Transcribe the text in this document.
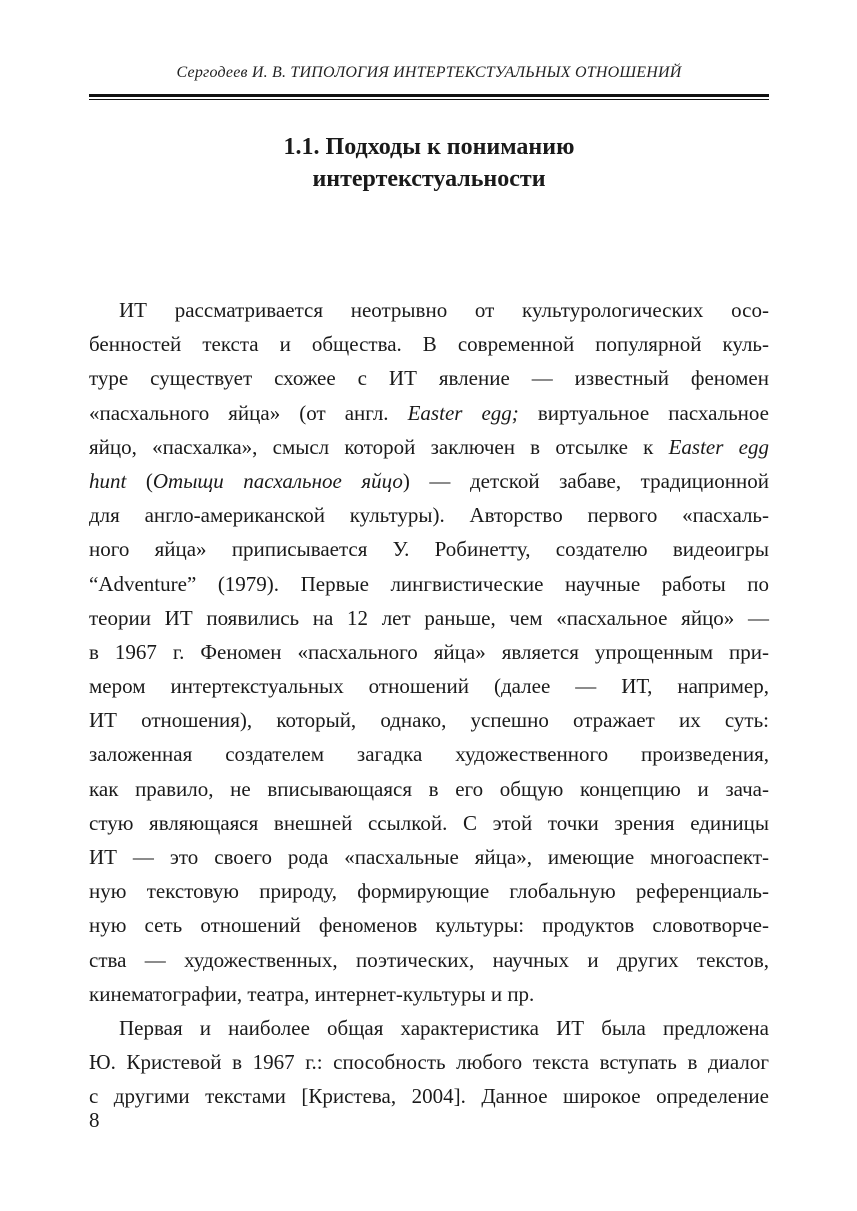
Сергодеев И. В. ТИПОЛОГИЯ ИНТЕРТЕКСТУАЛЬНЫХ ОТНОШЕНИЙ
1.1. Подходы к пониманию
интертекстуальности
ИТ рассматривается неотрывно от культурологических осо-
бенностей текста и общества. В современной популярной куль-
туре существует схожее с ИТ явление — известный феномен
«пасхального яйца» (от англ. Easter egg; виртуальное пасхальное
яйцо, «пасхалка», смысл которой заключен в отсылке к Easter egg
hunt (Отыщи пасхальное яйцо) — детской забаве, традиционной
для англо-американской культуры). Авторство первого «пасхаль-
ного яйца» приписывается У. Робинетту, создателю видеоигры
“Adventure” (1979). Первые лингвистические научные работы по
теории ИТ появились на 12 лет раньше, чем «пасхальное яйцо» —
в 1967 г. Феномен «пасхального яйца» является упрощенным при-
мером интертекстуальных отношений (далее — ИТ, например,
ИТ отношения), который, однако, успешно отражает их суть:
заложенная создателем загадка художественного произведения,
как правило, не вписывающаяся в его общую концепцию и зача-
стую являющаяся внешней ссылкой. С этой точки зрения единицы
ИТ — это своего рода «пасхальные яйца», имеющие многоаспект-
ную текстовую природу, формирующие глобальную референциаль-
ную сеть отношений феноменов культуры: продуктов словотворче-
ства — художественных, поэтических, научных и других текстов,
кинематографии, театра, интернет-культуры и пр.
Первая и наиболее общая характеристика ИТ была предложена
Ю. Кристевой в 1967 г.: способность любого текста вступать в диалог
с другими текстами [Кристева, 2004]. Данное широкое определение
8
